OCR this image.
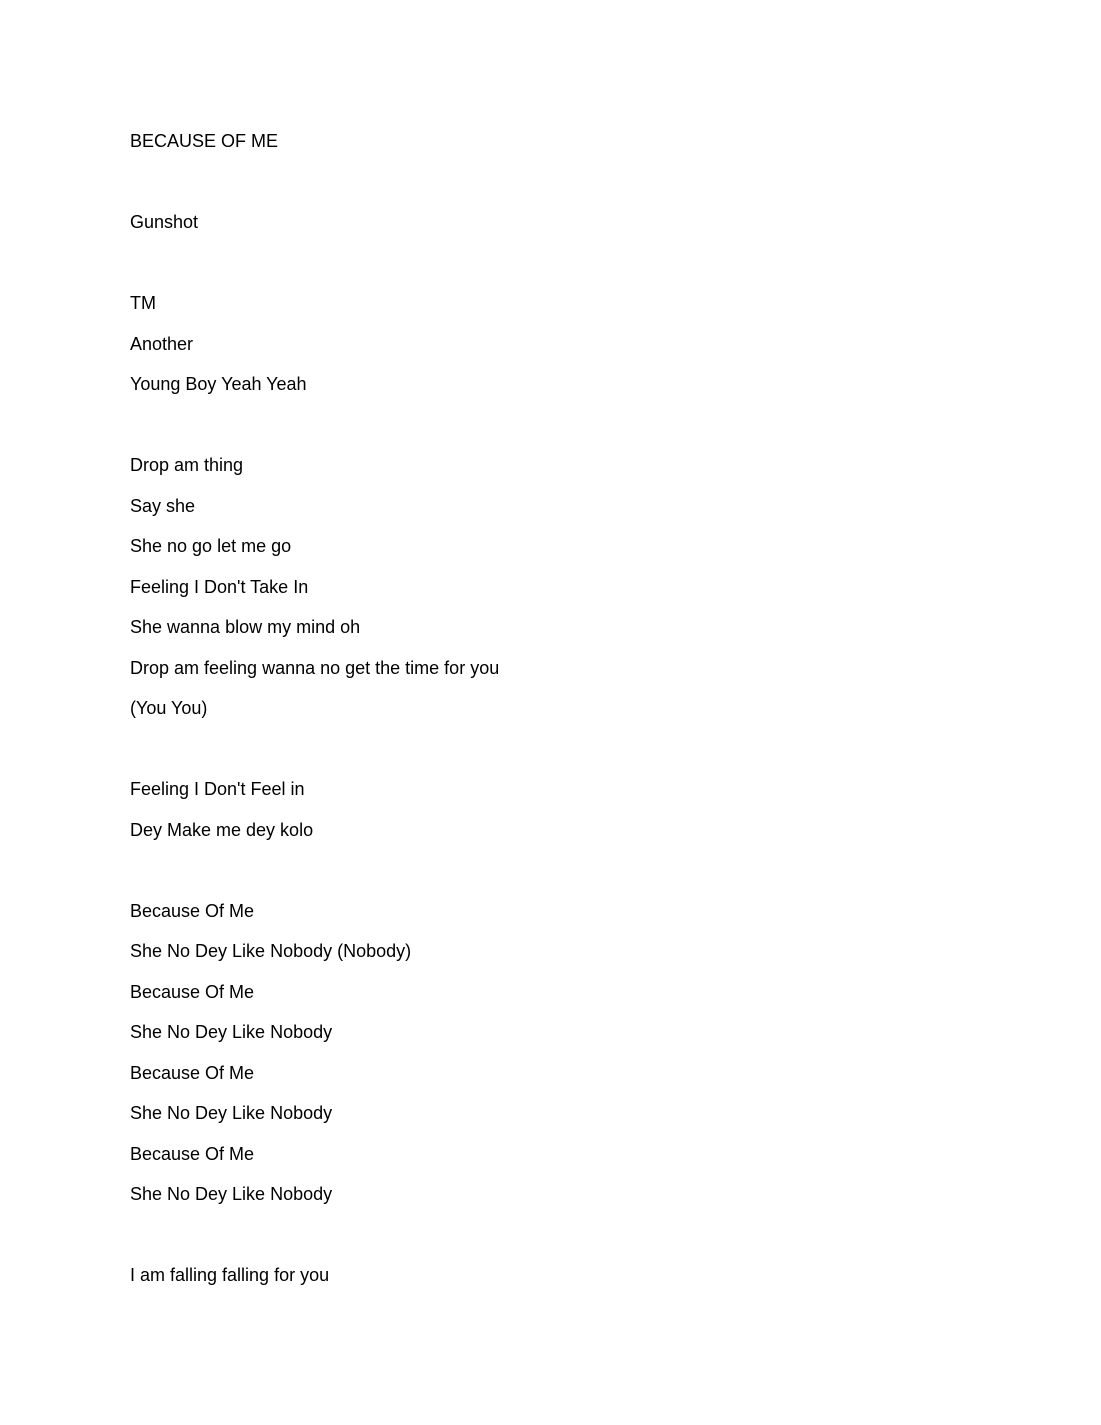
BECAUSE OF ME
Gunshot
TM
Another
Young Boy Yeah Yeah
Drop am thing
Say she
She no go let me go
Feeling I Don't Take In
She wanna blow my mind oh
Drop am feeling wanna no get the time for you
(You You)
Feeling I Don't Feel in
Dey Make me dey kolo
Because Of Me
She No Dey Like Nobody (Nobody)
Because Of Me
She No Dey Like Nobody
Because Of Me
She No Dey Like Nobody
Because Of Me
She No Dey Like Nobody
I am falling falling for you
